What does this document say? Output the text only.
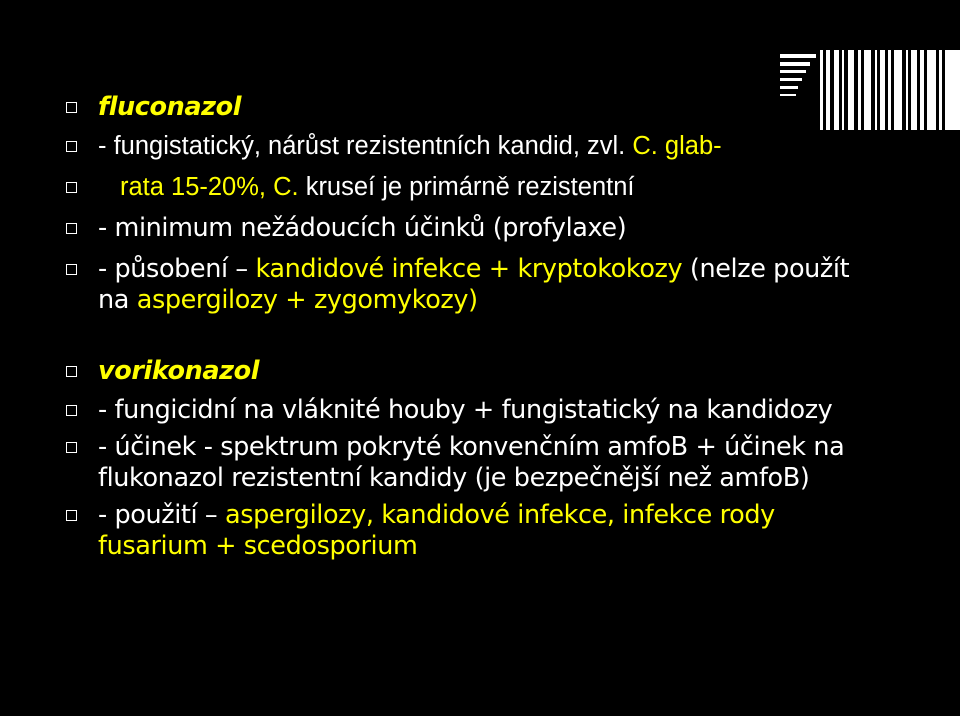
fluconazol
- fungistatický, nárůst rezistentních kandid, zvl. C. glab-
rata 15-20%, C. kruseí je primárně rezistentní
- minimum nežádoucích účinků (profylaxe)
- působení – kandidové infekce + kryptokokozy (nelze použít
na aspergilozy + zygomykozy)
vorikonazol
- fungicidní na vláknité houby + fungistatický na kandidozy
- účinek - spektrum pokryté konvenčním amfoB + účinek na
flukonazol rezistentní kandidy (je bezpečnější než amfoB)
- použití – aspergilozy, kandidové infekce, infekce rody
fusarium + scedosporium
